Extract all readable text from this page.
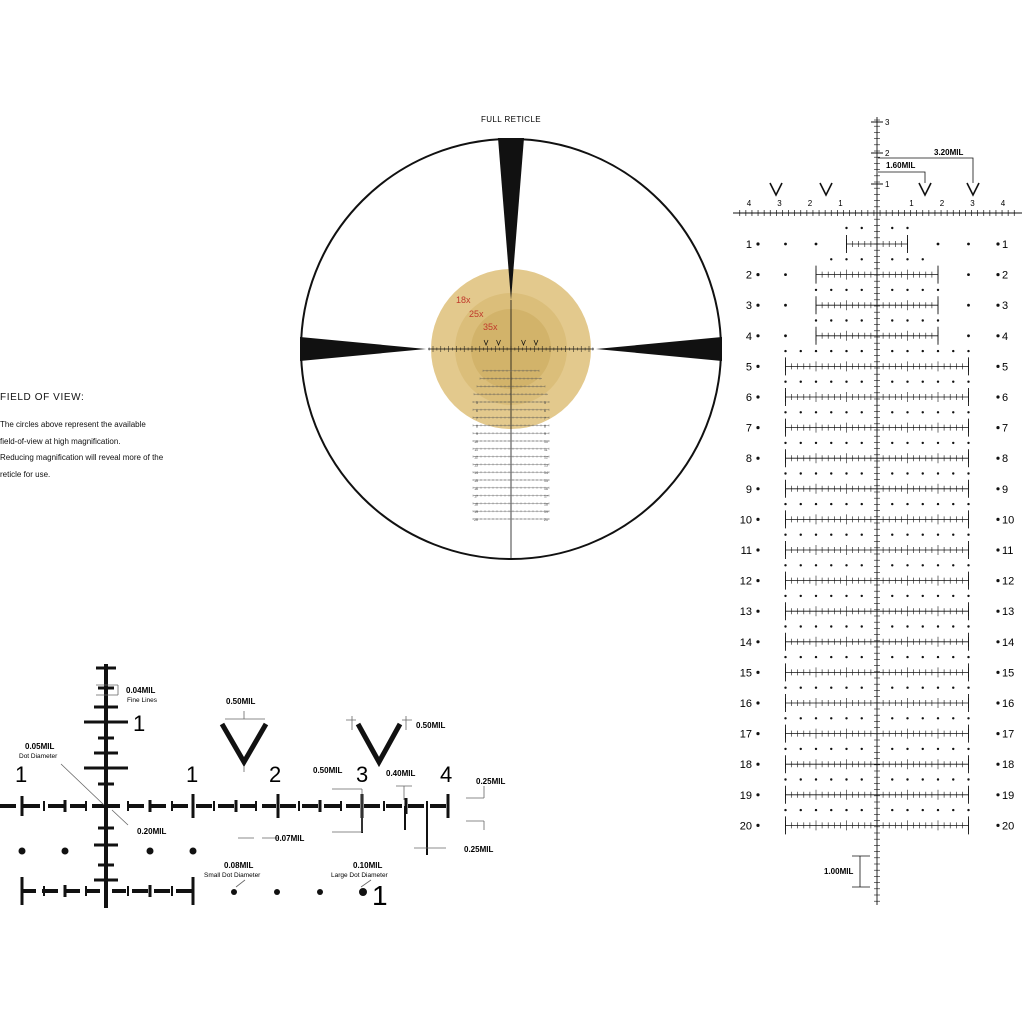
FULL RETICLE
5	5
6	6
7	7
8	8
9	9
10	10
11	11
12	12
13	13
14	14
15	15
16	16
17	17
18	18
19	19
20	20
18x
25x
35x
1
1	1	2	3	4
1
0.04MIL
Fine Lines
0.05MIL
Dot Diameter
0.20MIL
0.50MIL
0.50MIL
0.50MIL	0.40MIL
0.25MIL
0.25MIL
0.07MIL
0.08MIL
Small Dot Diameter
0.10MIL
Large Dot Diameter
1	1
2	2
3	3
4	4
5	5
6	6
7	7
8	8
9	9
10	10
11	11
12	12
13	13
14	14
15	15
16	16
17	17
18	18
19	19
20	20
1
2
3
4	3	2	1	1	2	3	4
1.60MIL
3.20MIL
1.00MIL
FIELD OF VIEW:

The circles above represent the available

field-of-view at high magnification.

Reducing magnification will reveal more of the

reticle for use.
